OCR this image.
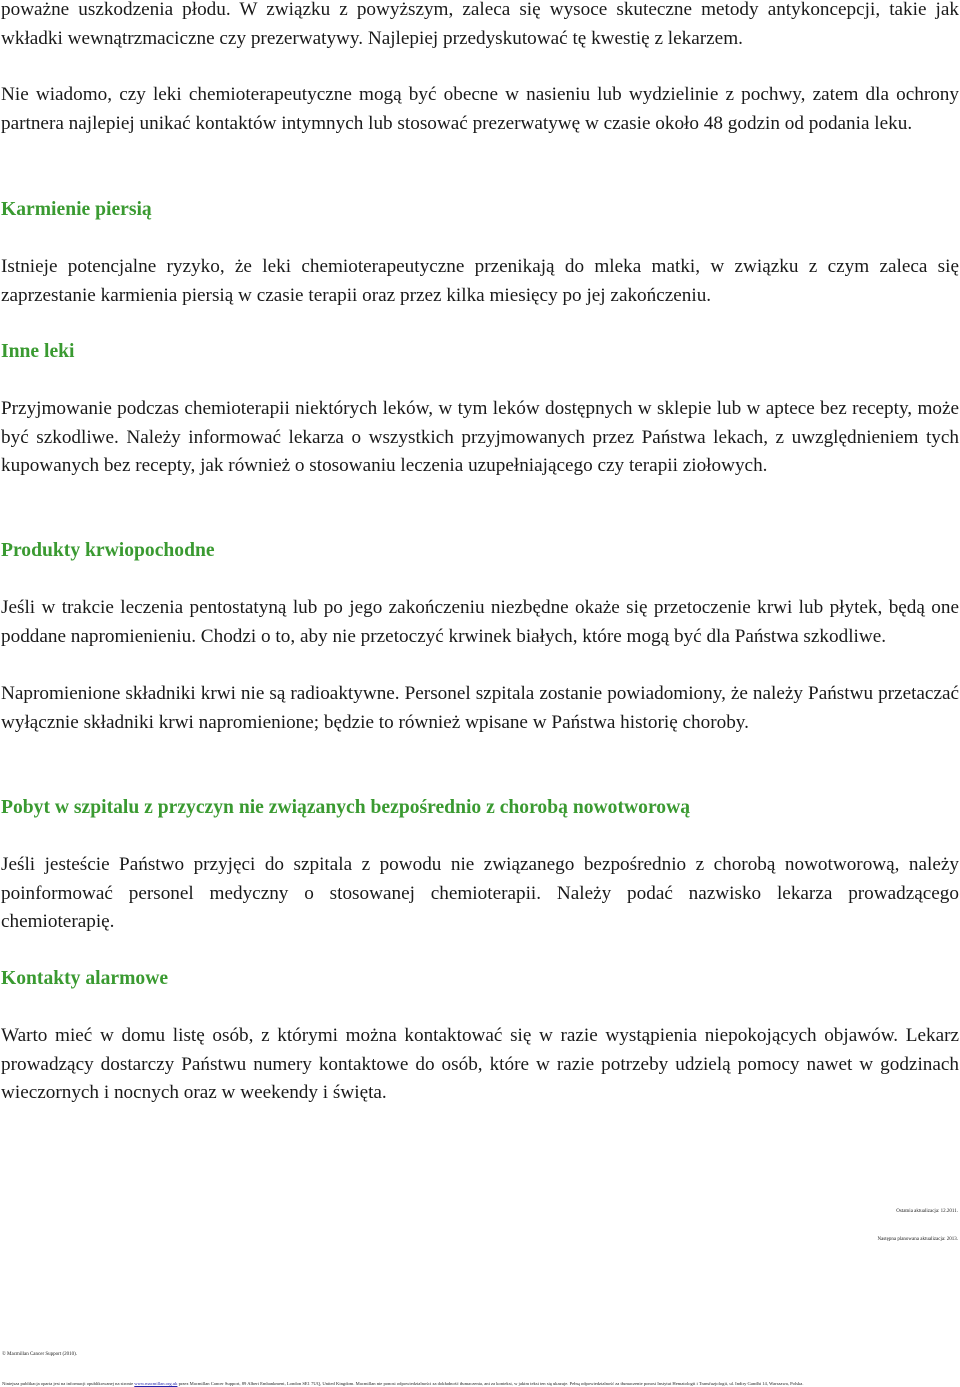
poważne uszkodzenia płodu. W związku z powyższym, zaleca się wysoce skuteczne metody antykoncepcji, takie jak wkładki wewnątrzmaciczne czy prezerwatywy. Najlepiej przedyskutować tę kwestię z lekarzem.

Nie wiadomo, czy leki chemioterapeutyczne mogą być obecne w nasieniu lub wydzielinie z pochwy, zatem dla ochrony partnera najlepiej unikać kontaktów intymnych lub stosować prezerwatywę w czasie około 48 godzin od podania leku.

Karmienie piersią

Istnieje potencjalne ryzyko, że leki chemioterapeutyczne przenikają do mleka matki, w związku z czym zaleca się zaprzestanie karmienia piersią w czasie terapii oraz przez kilka miesięcy po jej zakończeniu.

Inne leki

Przyjmowanie podczas chemioterapii niektórych leków, w tym leków dostępnych w sklepie lub w aptece bez recepty, może być szkodliwe. Należy informować lekarza o wszystkich przyjmowanych przez Państwa lekach, z uwzględnieniem tych kupowanych bez recepty, jak również o stosowaniu leczenia uzupełniającego czy terapii ziołowych.

Produkty krwiopochodne

Jeśli w trakcie leczenia pentostatyną lub po jego zakończeniu niezbędne okaże się przetoczenie krwi lub płytek, będą one poddane napromienieniu. Chodzi o to, aby nie przetoczyć krwinek białych, które mogą być dla Państwa szkodliwe.

Napromienione składniki krwi nie są radioaktywne. Personel szpitala zostanie powiadomiony, że należy Państwu przetaczać wyłącznie składniki krwi napromienione; będzie to również wpisane w Państwa historię choroby.

Pobyt w szpitalu z przyczyn nie związanych bezpośrednio z chorobą nowotworową

Jeśli jesteście Państwo przyjęci do szpitala z powodu nie związanego bezpośrednio z chorobą nowotworową, należy poinformować personel medyczny o stosowanej chemioterapii. Należy podać nazwisko lekarza prowadzącego chemioterapię.

Kontakty alarmowe

Warto mieć w domu listę osób, z którymi można kontaktować się w razie wystąpienia niepokojących objawów. Lekarz prowadzący dostarczy Państwu numery kontaktowe do osób, które w razie potrzeby udzielą pomocy nawet w godzinach wieczornych i nocnych oraz w weekendy i święta.

Ostatnia aktualizacja: 12.2011.
Następna planowana aktualizacja: 2013.
© Macmillan Cancer Support (2010).
Niniejsza publikacja oparta jest na informacji opublikowanej na stronie www.macmillan.org.uk przez Macmillan Cancer Support, 89 Albert Embankment, London SE1 7UQ, United Kingdom. Macmillan nie ponosi odpowiedzialności za dokładność tłumaczenia, ani za kontekst, w jakim tekst ten się ukazuje. Pełną odpowiedzialność za tłumaczenie ponosi Instytut Hematologii i Transfuzjologii, ul. Indiry Gandhi 14, Warszawa, Polska.
